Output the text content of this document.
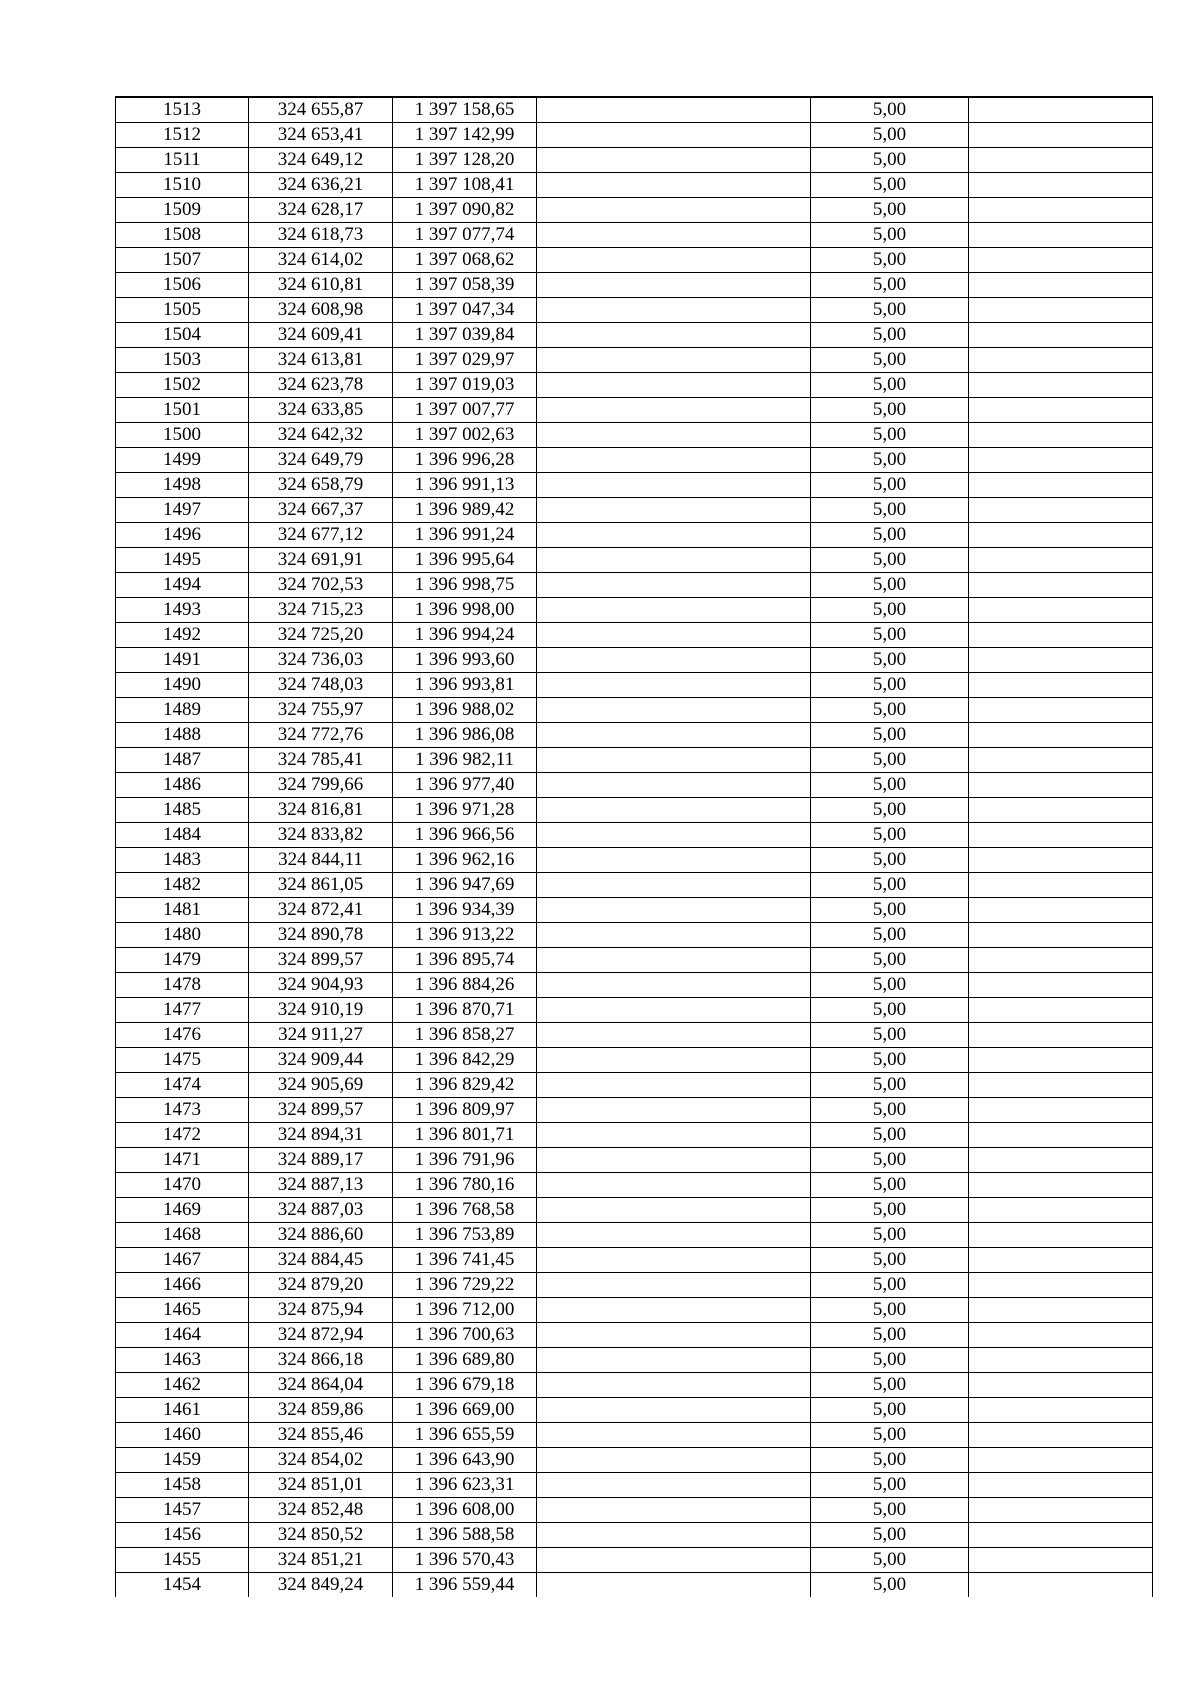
1513	324 655,87	1 397 158,65		5,00	
1512	324 653,41	1 397 142,99		5,00	
1511	324 649,12	1 397 128,20		5,00	
1510	324 636,21	1 397 108,41		5,00	
1509	324 628,17	1 397 090,82		5,00	
1508	324 618,73	1 397 077,74		5,00	
1507	324 614,02	1 397 068,62		5,00	
1506	324 610,81	1 397 058,39		5,00	
1505	324 608,98	1 397 047,34		5,00	
1504	324 609,41	1 397 039,84		5,00	
1503	324 613,81	1 397 029,97		5,00	
1502	324 623,78	1 397 019,03		5,00	
1501	324 633,85	1 397 007,77		5,00	
1500	324 642,32	1 397 002,63		5,00	
1499	324 649,79	1 396 996,28		5,00	
1498	324 658,79	1 396 991,13		5,00	
1497	324 667,37	1 396 989,42		5,00	
1496	324 677,12	1 396 991,24		5,00	
1495	324 691,91	1 396 995,64		5,00	
1494	324 702,53	1 396 998,75		5,00	
1493	324 715,23	1 396 998,00		5,00	
1492	324 725,20	1 396 994,24		5,00	
1491	324 736,03	1 396 993,60		5,00	
1490	324 748,03	1 396 993,81		5,00	
1489	324 755,97	1 396 988,02		5,00	
1488	324 772,76	1 396 986,08		5,00	
1487	324 785,41	1 396 982,11		5,00	
1486	324 799,66	1 396 977,40		5,00	
1485	324 816,81	1 396 971,28		5,00	
1484	324 833,82	1 396 966,56		5,00	
1483	324 844,11	1 396 962,16		5,00	
1482	324 861,05	1 396 947,69		5,00	
1481	324 872,41	1 396 934,39		5,00	
1480	324 890,78	1 396 913,22		5,00	
1479	324 899,57	1 396 895,74		5,00	
1478	324 904,93	1 396 884,26		5,00	
1477	324 910,19	1 396 870,71		5,00	
1476	324 911,27	1 396 858,27		5,00	
1475	324 909,44	1 396 842,29		5,00	
1474	324 905,69	1 396 829,42		5,00	
1473	324 899,57	1 396 809,97		5,00	
1472	324 894,31	1 396 801,71		5,00	
1471	324 889,17	1 396 791,96		5,00	
1470	324 887,13	1 396 780,16		5,00	
1469	324 887,03	1 396 768,58		5,00	
1468	324 886,60	1 396 753,89		5,00	
1467	324 884,45	1 396 741,45		5,00	
1466	324 879,20	1 396 729,22		5,00	
1465	324 875,94	1 396 712,00		5,00	
1464	324 872,94	1 396 700,63		5,00	
1463	324 866,18	1 396 689,80		5,00	
1462	324 864,04	1 396 679,18		5,00	
1461	324 859,86	1 396 669,00		5,00	
1460	324 855,46	1 396 655,59		5,00	
1459	324 854,02	1 396 643,90		5,00	
1458	324 851,01	1 396 623,31		5,00	
1457	324 852,48	1 396 608,00		5,00	
1456	324 850,52	1 396 588,58		5,00	
1455	324 851,21	1 396 570,43		5,00	
1454	324 849,24	1 396 559,44		5,00	
